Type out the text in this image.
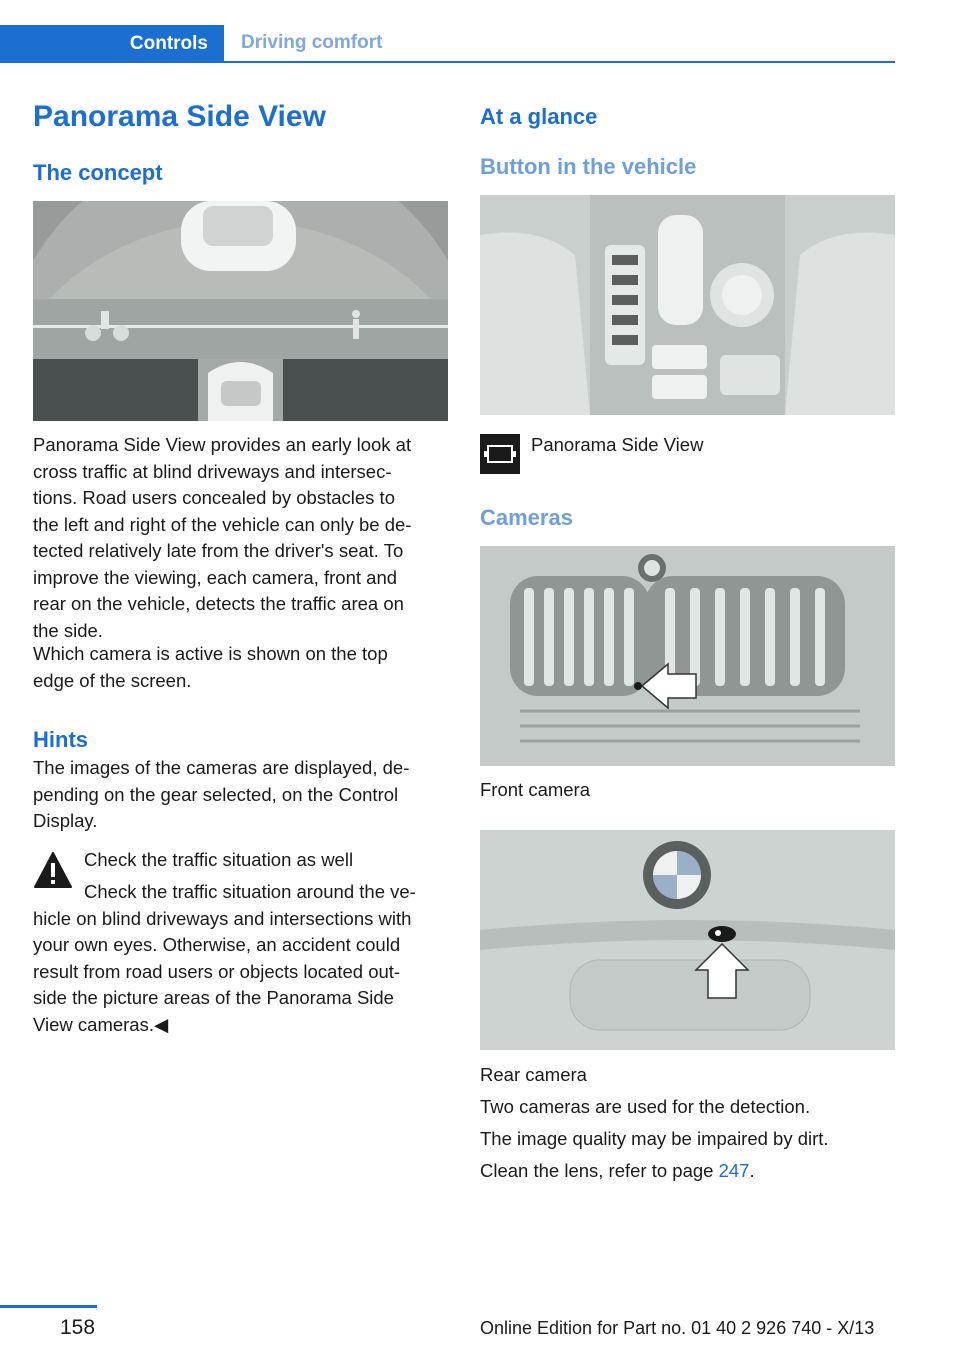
Controls	Driving comfort
Panorama Side View
The concept
Panorama Side View provides an early look at
cross traffic at blind driveways and intersec‐
tions. Road users concealed by obstacles to
the left and right of the vehicle can only be de‐
tected relatively late from the driver's seat. To
improve the viewing, each camera, front and
rear on the vehicle, detects the traffic area on
the side.
Which camera is active is shown on the top
edge of the screen.
Hints
The images of the cameras are displayed, de‐
pending on the gear selected, on the Control
Display.
Check the traffic situation as well
Check the traffic situation around the ve‐
hicle on blind driveways and intersections with
your own eyes. Otherwise, an accident could
result from road users or objects located out‐
side the picture areas of the Panorama Side
View cameras.◀
At a glance
Button in the vehicle
Panorama Side View
Cameras
Front camera
Rear camera
Two cameras are used for the detection.
The image quality may be impaired by dirt.
Clean the lens, refer to page 247.
158	Online Edition for Part no. 01 40 2 926 740 - X/13
